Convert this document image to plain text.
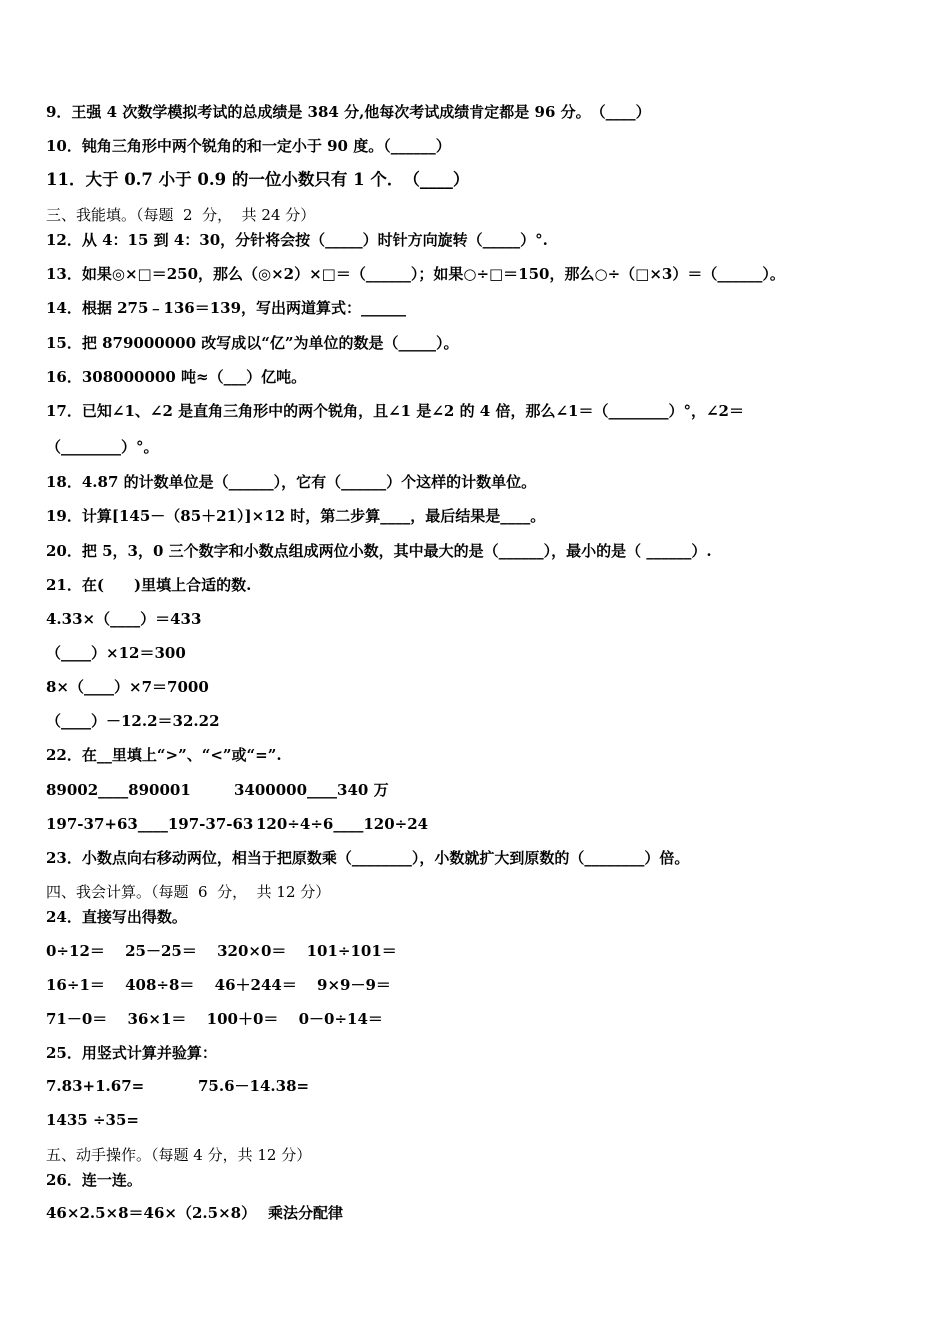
9．王强 4 次数学模拟考试的总成绩是 384 分,他每次考试成绩肯定都是 96 分。　（____）
10．钝角三角形中两个锐角的和一定小于 90 度。（______）
11．大于 0.7 小于 0.9 的一位小数只有 1 个．　（____）
三、我能填。（每题  2  分，  共 24 分）
12．从 4：15 到 4：30，分针将会按（_____）时针方向旋转（_____）°.
13．如果◎×□＝250，那么（◎×2）×□＝（______）；如果○÷□＝150，那么○÷（□×3）＝（______）。
14．根据 275﹣136＝139，写出两道算式：______
15．把 879000000 改写成以“亿”为单位的数是（_____）。
16．308000000 吨≈（___）亿吨。
17．已知∠1、∠2 是直角三角形中的两个锐角，且∠1 是∠2 的 4 倍，那么∠1＝（________）°，∠2＝
（________）°。
18．4.87 的计数单位是（______），它有（______）个这样的计数单位。
19．计算[145－（85＋21）]×12 时，第二步算____，最后结果是____。
20．把 5，3，0 三个数字和小数点组成两位小数，其中最大的是（______），最小的是（ ______）.
21．在(　　)里填上合适的数.
4.33×（____）＝433
（____）×12＝300
8×（____）×7＝7000
（____）－12.2＝32.22
22．在__里填上“>”、“<”或“=”.
89002____890001	3400000____340 万
197-37+63____197-37-63 120÷4÷6____120÷24
23．小数点向右移动两位，相当于把原数乘（________），小数就扩大到原数的（________）倍。
四、我会计算。（每题  6  分，  共 12 分）
24．直接写出得数。
0÷12＝　 25－25＝　 320×0＝　 101÷101＝
16÷1＝　 408÷8＝　 46＋244＝　 9×9－9＝
71－0＝　 36×1＝　 100＋0＝　 0－0÷14＝
25．用竖式计算并验算：
7.83+1.67=	75.6－14.38=
1435 ÷35=
五、动手操作。（每题 4 分，共 12 分）
26．连一连。
46×2.5×8＝46×（2.5×8） 乘法分配律
